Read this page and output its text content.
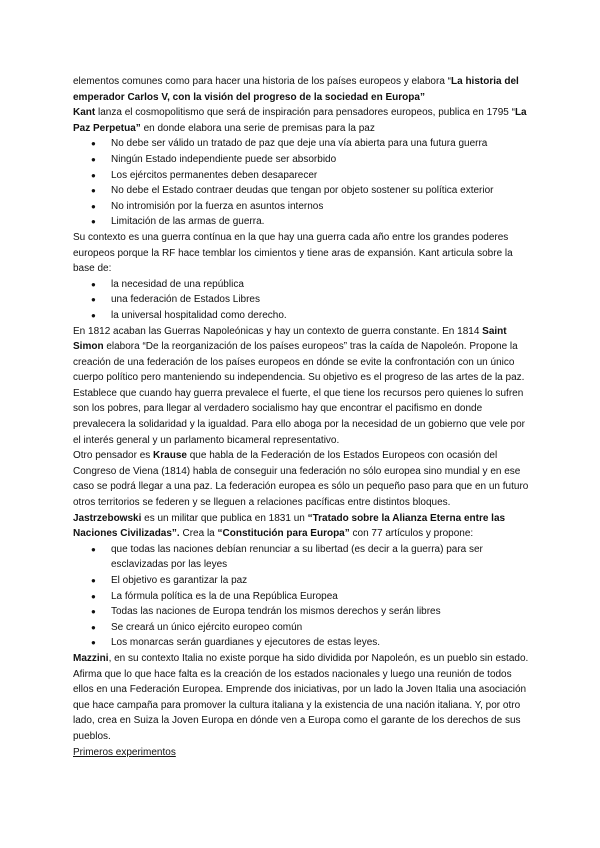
elementos comunes como para hacer una historia de los países europeos y elabora “La historia del emperador Carlos V, con la visión del progreso de la sociedad en Europa”
Kant lanza el cosmopolitismo que será de inspiración para pensadores europeos, publica en 1795 “La Paz Perpetua” en donde elabora una serie de premisas para la paz

● No debe ser válido un tratado de paz que deje una vía abierta para una futura guerra
● Ningún Estado independiente puede ser absorbido
● Los ejércitos permanentes deben desaparecer
● No debe el Estado contraer deudas que tengan por objeto sostener su política exterior
● No intromisión por la fuerza en asuntos internos
● Limitación de las armas de guerra.

Su contexto es una guerra contínua en la que hay una guerra cada año entre los grandes poderes europeos porque la RF hace temblar los cimientos y tiene aras de expansión. Kant articula sobre la base de:

● la necesidad de una república
● una federación de Estados Libres
● la universal hospitalidad como derecho.

En 1812 acaban las Guerras Napoleónicas y hay un contexto de guerra constante. En 1814 Saint Simon elabora “De la reorganización de los países europeos” tras la caída de Napoleón. Propone la creación de una federación de los países europeos en dónde se evite la confrontación con un único cuerpo político pero manteniendo su independencia. Su objetivo es el progreso de las artes de la paz. Establece que cuando hay guerra prevalece el fuerte, el que tiene los recursos pero quienes lo sufren son los pobres, para llegar al verdadero socialismo hay que encontrar el pacifismo en donde prevalecera la solidaridad y la igualdad. Para ello aboga por la necesidad de un gobierno que vele por el interés general y un parlamento bicameral representativo.

Otro pensador es Krause que habla de la Federación de los Estados Europeos con ocasión del Congreso de Viena (1814) habla de conseguir una federación no sólo europea sino mundial y en ese caso se podrá llegar a una paz. La federación europea es sólo un pequeño paso para que en un futuro otros territorios se federen y se lleguen a relaciones pacíficas entre distintos bloques.

Jastrzebowski es un militar que publica en 1831 un “Tratado sobre la Alianza Eterna entre las Naciones Civilizadas”. Crea la “Constitución para Europa” con 77 artículos y propone:

● que todas las naciones debían renunciar a su libertad (es decir a la guerra) para ser esclavizadas por las leyes
● El objetivo es garantizar la paz
● La fórmula política es la de una República Europea
● Todas las naciones de Europa tendrán los mismos derechos y serán libres
● Se creará un único ejército europeo común
● Los monarcas serán guardianes y ejecutores de estas leyes.

Mazzini, en su contexto Italia no existe porque ha sido dividida por Napoleón, es un pueblo sin estado. Afirma que lo que hace falta es la creación de los estados nacionales y luego una reunión de todos ellos en una Federación Europea. Emprende dos iniciativas, por un lado la Joven Italia una asociación que hace campaña para promover la cultura italiana y la existencia de una nación italiana. Y, por otro lado, crea en Suiza la Joven Europa en dónde ven a Europa como el garante de los derechos de sus pueblos.

Primeros experimentos
